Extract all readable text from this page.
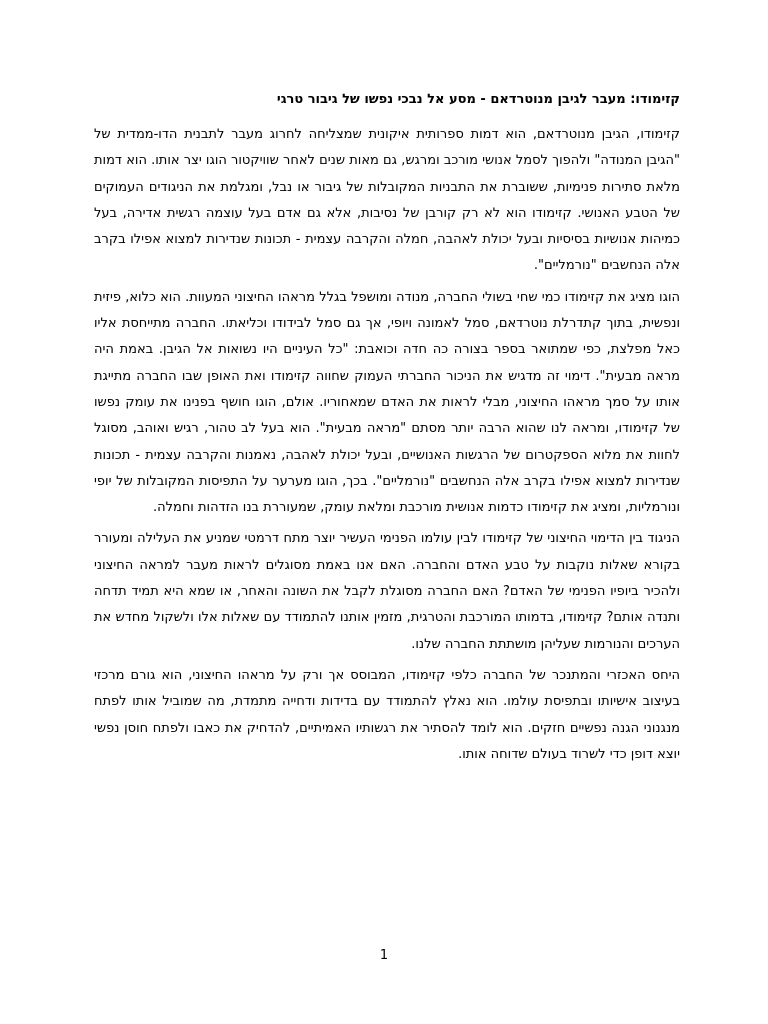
קזימודו: מעבר לגיבן מנוטרדאם - מסע אל נבכי נפשו של גיבור טרגי

קזימודו, הגיבן מנוטרדאם, הוא דמות ספרותית איקונית שמצליחה לחרוג מעבר לתבנית הדו-ממדית של "הגיבן המנודה" ולהפוך לסמל אנושי מורכב ומרגש, גם מאות שנים לאחר שוויקטור הוגו יצר אותו. הוא דמות מלאת סתירות פנימיות, ששוברת את התבניות המקובלות של גיבור או נבל, ומגלמת את הניגודים העמוקים של הטבע האנושי. קזימודו הוא לא רק קורבן של נסיבות, אלא גם אדם בעל עוצמה רגשית אדירה, בעל כמיהות אנושיות בסיסיות ובעל יכולת לאהבה, חמלה והקרבה עצמית - תכונות שנדירות למצוא אפילו בקרב אלה הנחשבים "נורמליים".

הוגו מציג את קזימודו כמי שחי בשולי החברה, מנודה ומושפל בגלל מראהו החיצוני המעוות. הוא כלוא, פיזית ונפשית, בתוך קתדרלת נוטרדאם, סמל לאמונה ויופי, אך גם סמל לבידודו וכליאתו. החברה מתייחסת אליו כאל מפלצת, כפי שמתואר בספר בצורה כה חדה וכואבת: "כל העיניים היו נשואות אל הגיבן. באמת היה מראה מבעית". דימוי זה מדגיש את הניכור החברתי העמוק שחווה קזימודו ואת האופן שבו החברה מתייגת אותו על סמך מראהו החיצוני, מבלי לראות את האדם שמאחוריו. אולם, הוגו חושף בפנינו את עומק נפשו של קזימודו, ומראה לנו שהוא הרבה יותר מסתם "מראה מבעית". הוא בעל לב טהור, רגיש ואוהב, מסוגל לחוות את מלוא הספקטרום של הרגשות האנושיים, ובעל יכולת לאהבה, נאמנות והקרבה עצמית - תכונות שנדירות למצוא אפילו בקרב אלה הנחשבים "נורמליים". בכך, הוגו מערער על התפיסות המקובלות של יופי ונורמליות, ומציג את קזימודו כדמות אנושית מורכבת ומלאת עומק, שמעוררת בנו הזדהות וחמלה.

הניגוד בין הדימוי החיצוני של קזימודו לבין עולמו הפנימי העשיר יוצר מתח דרמטי שמניע את העלילה ומעורר בקורא שאלות נוקבות על טבע האדם והחברה. האם אנו באמת מסוגלים לראות מעבר למראה החיצוני ולהכיר ביופיו הפנימי של האדם? האם החברה מסוגלת לקבל את השונה והאחר, או שמא היא תמיד תדחה ותנדה אותם? קזימודו, בדמותו המורכבת והטרגית, מזמין אותנו להתמודד עם שאלות אלו ולשקול מחדש את הערכים והנורמות שעליהן מושתתת החברה שלנו.

היחס האכזרי והמתנכר של החברה כלפי קזימודו, המבוסס אך ורק על מראהו החיצוני, הוא גורם מרכזי בעיצוב אישיותו ובתפיסת עולמו. הוא נאלץ להתמודד עם בדידות ודחייה מתמדת, מה שמוביל אותו לפתח מנגנוני הגנה נפשיים חזקים. הוא לומד להסתיר את רגשותיו האמיתיים, להדחיק את כאבו ולפתח חוסן נפשי יוצא דופן כדי לשרוד בעולם שדוחה אותו.

1
